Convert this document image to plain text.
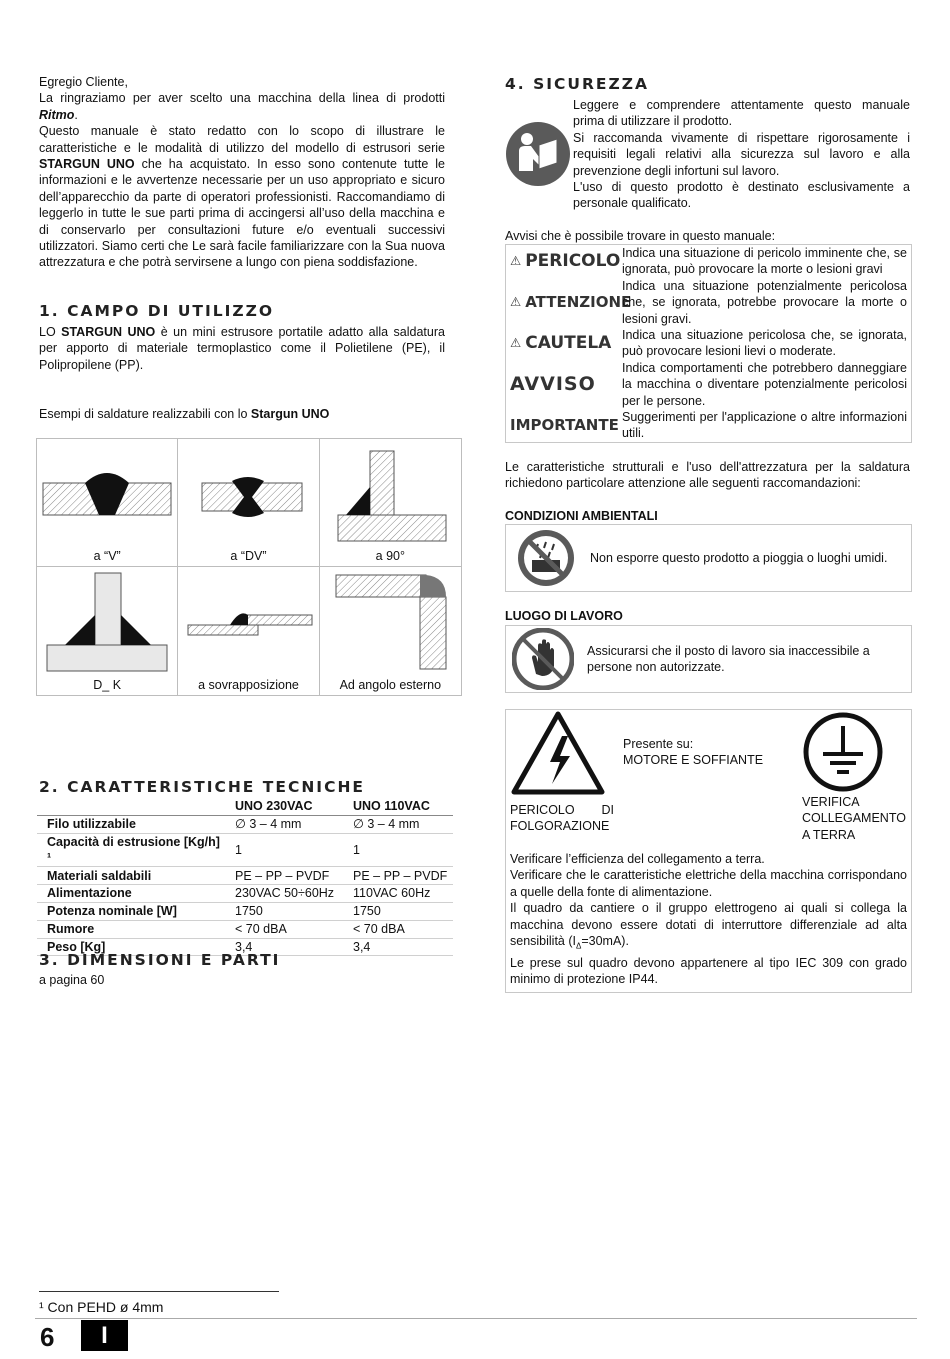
Egregio Cliente,

La ringraziamo per aver scelto una macchina della linea di prodotti Ritmo.

Questo manuale è stato redatto con lo scopo di illustrare le caratteristiche e le modalità di utilizzo del modello di estrusori serie STARGUN UNO che ha acquistato. In esso sono contenute tutte le informazioni e le avvertenze necessarie per un uso appropriato e sicuro dell’apparecchio da parte di operatori professionisti. Raccomandiamo di leggerlo in tutte le sue parti prima di accingersi all’uso della macchina e di conservarlo per consultazioni future e/o eventuali successivi utilizzatori. Siamo certi che Le sarà facile familiarizzare con la Sua nuova attrezzatura e che potrà servirsene a lungo con piena soddisfazione.

1. CAMPO DI UTILIZZO

LO STARGUN UNO è un mini estrusore portatile adatto alla saldatura per apporto di materiale termoplastico come il Polietilene (PE), il Polipropilene (PP).

Esempi di saldature realizzabili con lo Stargun UNO

a “V”	a “DV”	a 90°
D_ K	a sovrapposizione	Ad angolo esterno
2. CARATTERISTICHE TECNICHE
	UNO 230VAC	UNO 110VAC
Filo utilizzabile	∅ 3 – 4 mm	∅ 3 – 4 mm
Capacità di estrusione [Kg/h] ¹	1	1
Materiali saldabili	PE – PP – PVDF	PE – PP – PVDF
Alimentazione	230VAC 50÷60Hz	110VAC 60Hz
Potenza nominale [W]	1750	1750
Rumore	< 70 dBA	< 70 dBA
Peso [Kg]	3,4	3,4
3. DIMENSIONI E PARTI

a pagina 60

4. SICUREZZA

Leggere e comprendere attentamente questo manuale prima di utilizzare il prodotto.

Si raccomanda vivamente di rispettare rigorosamente i requisiti legali relativi alla sicurezza sul lavoro e alla prevenzione degli infortuni sul lavoro.

L'uso di questo prodotto è destinato esclusivamente a personale qualificato.

Avvisi che è possibile trovare in questo manuale:

⚠ PERICOLO Indica una situazione di pericolo imminente che, se ignorata, può provocare la morte o lesioni gravi
⚠ ATTENZIONE
Indica una situazione potenzialmente pericolosa che, se ignorata, potrebbe provocare la morte o lesioni gravi.
⚠ CAUTELA Indica una situazione pericolosa che, se ignorata, può provocare lesioni lievi o moderate.
AVVISO
Indica comportamenti che potrebbero danneggiare la macchina o diventare potenzialmente pericolosi per le persone.
IMPORTANTE Suggerimenti per l'applicazione o altre informazioni utili.

Le caratteristiche strutturali e l'uso dell'attrezzatura per la saldatura richiedono particolare attenzione alle seguenti raccomandazioni:

CONDIZIONI AMBIENTALI
Non esporre questo prodotto a pioggia o luoghi umidi.
LUOGO DI LAVORO
Assicurarsi che il posto di lavoro sia inaccessibile a persone non autorizzate.
Presente su:
MOTORE E SOFFIANTE
PERICOLO DI FOLGORAZIONE
VERIFICA COLLEGAMENTO A TERRA

Verificare l’efficienza del collegamento a terra.

Verificare che le caratteristiche elettriche della macchina corrispondano a quelle della fonte di alimentazione.

Il quadro da cantiere o il gruppo elettrogeno ai quali si collega la macchina devono essere dotati di interruttore differenziale ad alta sensibilità $(I_\Delta=30mA)$.

Le prese sul quadro devono appartenere al tipo IEC 309 con grado minimo di protezione IP44.

¹ Con PEHD ø 4mm
6	I
